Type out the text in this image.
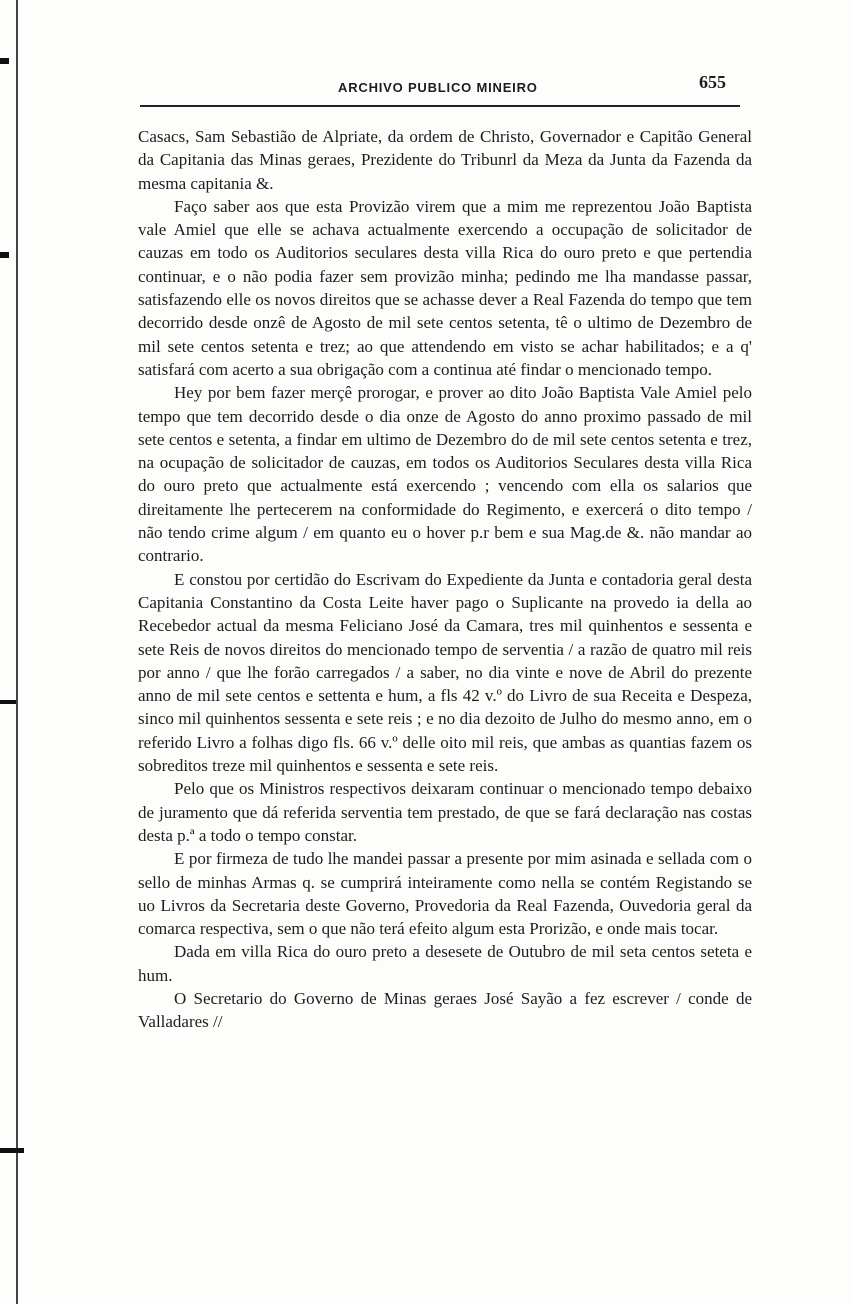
ARCHIVO PUBLICO MINEIRO	655

Casacs, Sam Sebastião de Alpriate, da ordem de Christo, Governador e Capitão General da Capitania das Minas geraes, Prezidente do Tribunrl da Meza da Junta da Fazenda da mesma capitania &.

Faço saber aos que esta Provizão virem que a mim me reprezentou João Baptista vale Amiel que elle se achava actualmente exercendo a occupação de solicitador de cauzas em todo os Auditorios seculares desta villa Rica do ouro preto e que pertendia continuar, e o não podia fazer sem provizão minha; pedindo me lha mandasse passar, satisfazendo elle os novos direitos que se achasse dever a Real Fazenda do tempo que tem decorrido desde onzê de Agosto de mil sete centos setenta, tê o ultimo de Dezembro de mil sete centos setenta e trez; ao que attendendo em visto se achar habilitados; e a q' satisfará com acerto a sua obrigação com a continua até findar o mencionado tempo.

Hey por bem fazer merçê prorogar, e prover ao dito João Baptista Vale Amiel pelo tempo que tem decorrido desde o dia onze de Agosto do anno proximo passado de mil sete centos e setenta, a findar em ultimo de Dezembro do de mil sete centos setenta e trez, na ocupação de solicitador de cauzas, em todos os Auditorios Seculares desta villa Rica do ouro preto que actualmente está exercendo ; vencendo com ella os salarios que direitamente lhe pertecerem na conformidade do Regimento, e exercerá o dito tempo / não tendo crime algum / em quanto eu o hover p.r bem e sua Mag.de &. não mandar ao contrario.

E constou por certidão do Escrivam do Expediente da Junta e contadoria geral desta Capitania Constantino da Costa Leite haver pago o Suplicante na provedo ia della ao Recebedor actual da mesma Feliciano José da Camara, tres mil quinhentos e sessenta e sete Reis de novos direitos do mencionado tempo de serventia / a razão de quatro mil reis por anno / que lhe forão carregados / a saber, no dia vinte e nove de Abril do prezente anno de mil sete centos e settenta e hum, a fls 42 v.º do Livro de sua Receita e Despeza, sinco mil quinhentos sessenta e sete reis ; e no dia dezoito de Julho do mesmo anno, em o referido Livro a folhas digo fls. 66 v.º delle oito mil reis, que ambas as quantias fazem os sobreditos treze mil quinhentos e sessenta e sete reis.

Pelo que os Ministros respectivos deixaram continuar o mencionado tempo debaixo de juramento que dá referida serventia tem prestado, de que se fará declaração nas costas desta p.ª a todo o tempo constar.

E por firmeza de tudo lhe mandei passar a presente por mim asinada e sellada com o sello de minhas Armas q. se cumprirá inteiramente como nella se contém Registando se uo Livros da Secretaria deste Governo, Provedoria da Real Fazenda, Ouvedoria geral da comarca respectiva, sem o que não terá efeito algum esta Prorizão, e onde mais tocar.

Dada em villa Rica do ouro preto a desesete de Outubro de mil seta centos seteta e hum.

O Secretario do Governo de Minas geraes José Sayão a fez escrever / conde de Valladares //
